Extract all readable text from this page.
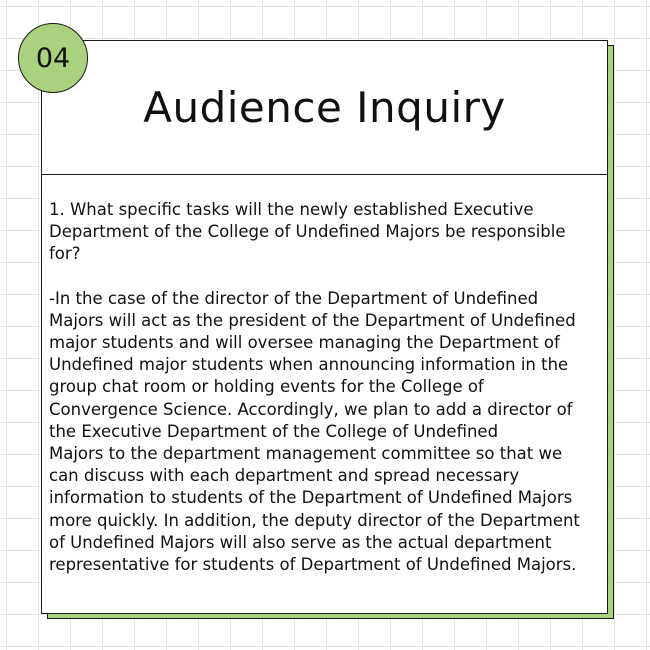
04
Audience Inquiry

1. What specific tasks will the newly established Executive
Department of the College of Undefined Majors be responsible
for?

-In the case of the director of the Department of Undefined
Majors will act as the president of the Department of Undefined
major students and will oversee managing the Department of
Undefined major students when announcing information in the
group chat room or holding events for the College of
Convergence Science. Accordingly, we plan to add a director of
the Executive Department of the College of Undefined
Majors to the department management committee so that we
can discuss with each department and spread necessary
information to students of the Department of Undefined Majors
more quickly. In addition, the deputy director of the Department
of Undefined Majors will also serve as the actual department
representative for students of Department of Undefined Majors.
